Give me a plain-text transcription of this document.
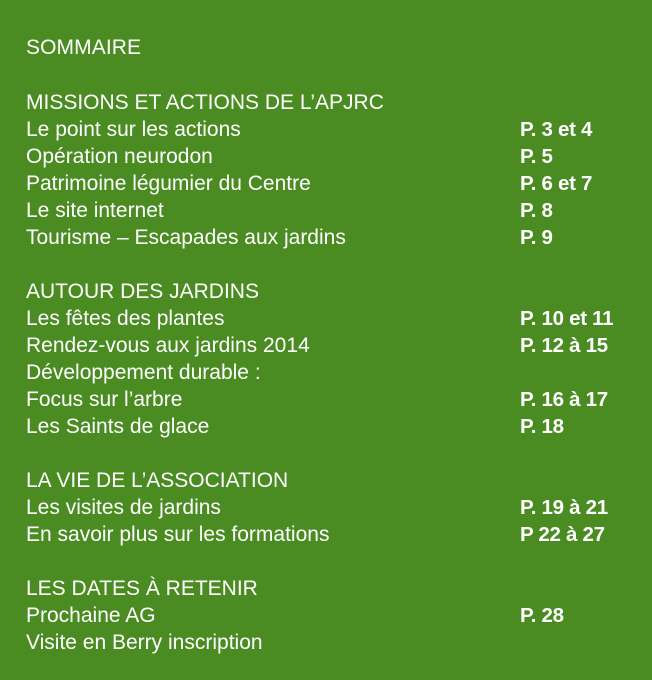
SOMMAIRE
MISSIONS ET ACTIONS DE L’APJRC
Le point sur les actions	P. 3 et 4
Opération neurodon	P. 5
Patrimoine légumier du Centre	P. 6 et 7
Le site internet	P. 8
Tourisme – Escapades aux jardins	P. 9
AUTOUR DES JARDINS
Les fêtes des plantes	P. 10 et 11
Rendez-vous aux jardins 2014	P. 12 à 15
Développement durable :
Focus sur l’arbre	P. 16 à 17
Les Saints de glace	P. 18
LA VIE DE L’ASSOCIATION
Les visites de jardins	P. 19 à 21
En savoir plus sur les formations	P 22 à 27
LES DATES À RETENIR
Prochaine AG	P. 28
Visite en Berry inscription
